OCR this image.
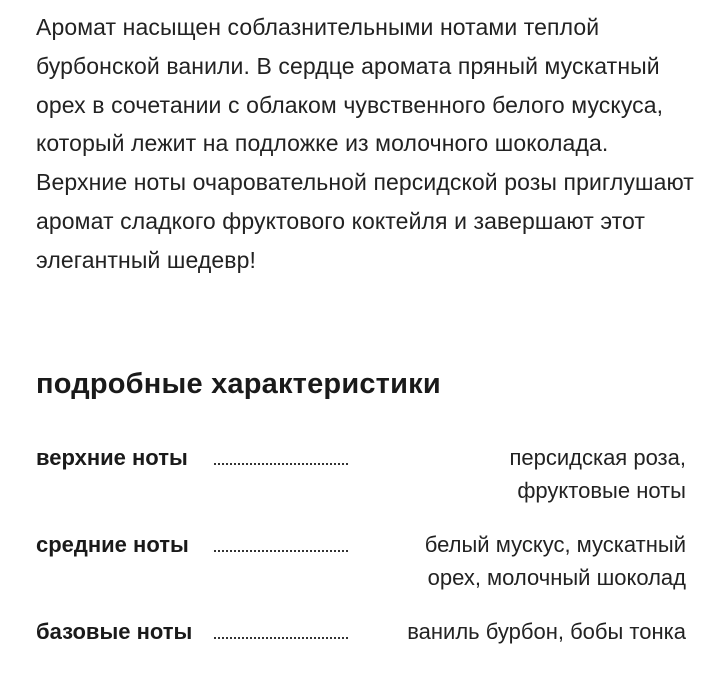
Аромат насыщен соблазнительными нотами теплой бурбонской ванили. В сердце аромата пряный мускатный орех в сочетании с облаком чувственного белого мускуса, который лежит на подложке из молочного шоколада. Верхние ноты очаровательной персидской розы приглушают аромат сладкого фруктового коктейля и завершают этот элегантный шедевр!

подробные характеристики
верхние ноты	персидская роза, фруктовые ноты
средние ноты	белый мускус, мускатный орех, молочный шоколад
базовые ноты	ваниль бурбон, бобы тонка
